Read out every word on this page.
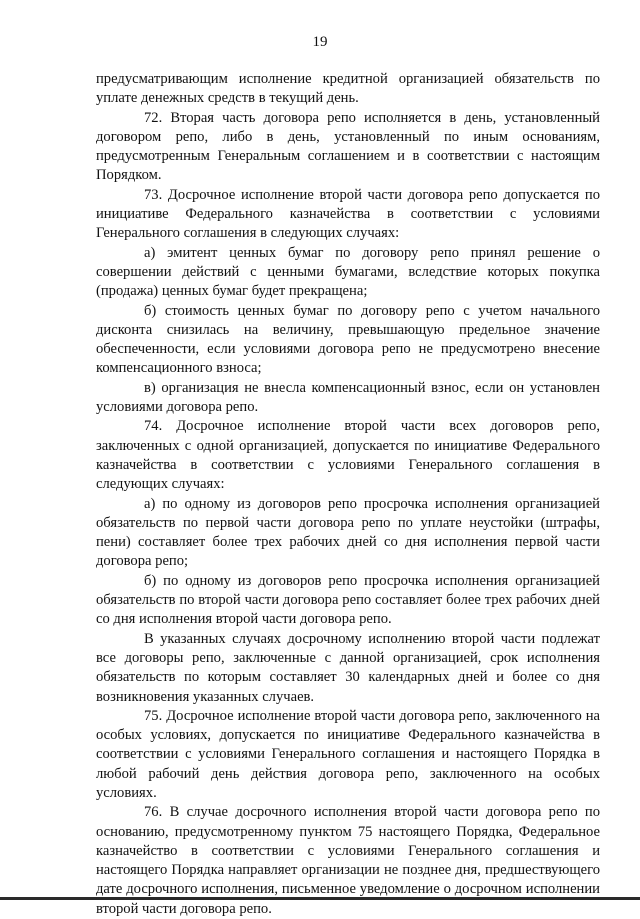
19

предусматривающим исполнение кредитной организацией обязательств по уплате денежных средств в текущий день.

72. Вторая часть договора репо исполняется в день, установленный договором репо, либо в день, установленный по иным основаниям, предусмотренным Генеральным соглашением и в соответствии с настоящим Порядком.

73. Досрочное исполнение второй части договора репо допускается по инициативе Федерального казначейства в соответствии с условиями Генерального соглашения в следующих случаях:

а) эмитент ценных бумаг по договору репо принял решение о совершении действий с ценными бумагами, вследствие которых покупка (продажа) ценных бумаг будет прекращена;

б) стоимость ценных бумаг по договору репо с учетом начального дисконта снизилась на величину, превышающую предельное значение обеспеченности, если условиями договора репо не предусмотрено внесение компенсационного взноса;

в) организация не внесла компенсационный взнос, если он установлен условиями договора репо.

74. Досрочное исполнение второй части всех договоров репо, заключенных с одной организацией, допускается по инициативе Федерального казначейства в соответствии с условиями Генерального соглашения в следующих случаях:

а) по одному из договоров репо просрочка исполнения организацией обязательств по первой части договора репо по уплате неустойки (штрафы, пени) составляет более трех рабочих дней со дня исполнения первой части договора репо;

б) по одному из договоров репо просрочка исполнения организацией обязательств по второй части договора репо составляет более трех рабочих дней со дня исполнения второй части договора репо.

В указанных случаях досрочному исполнению второй части подлежат все договоры репо, заключенные с данной организацией, срок исполнения обязательств по которым составляет 30 календарных дней и более со дня возникновения указанных случаев.

75. Досрочное исполнение второй части договора репо, заключенного на особых условиях, допускается по инициативе Федерального казначейства в соответствии с условиями Генерального соглашения и настоящего Порядка в любой рабочий день действия договора репо, заключенного на особых условиях.

76. В случае досрочного исполнения второй части договора репо по основанию, предусмотренному пунктом 75 настоящего Порядка, Федеральное казначейство в соответствии с условиями Генерального соглашения и настоящего Порядка направляет организации не позднее дня, предшествующего дате досрочного исполнения, письменное уведомление о досрочном исполнении второй части договора репо.
